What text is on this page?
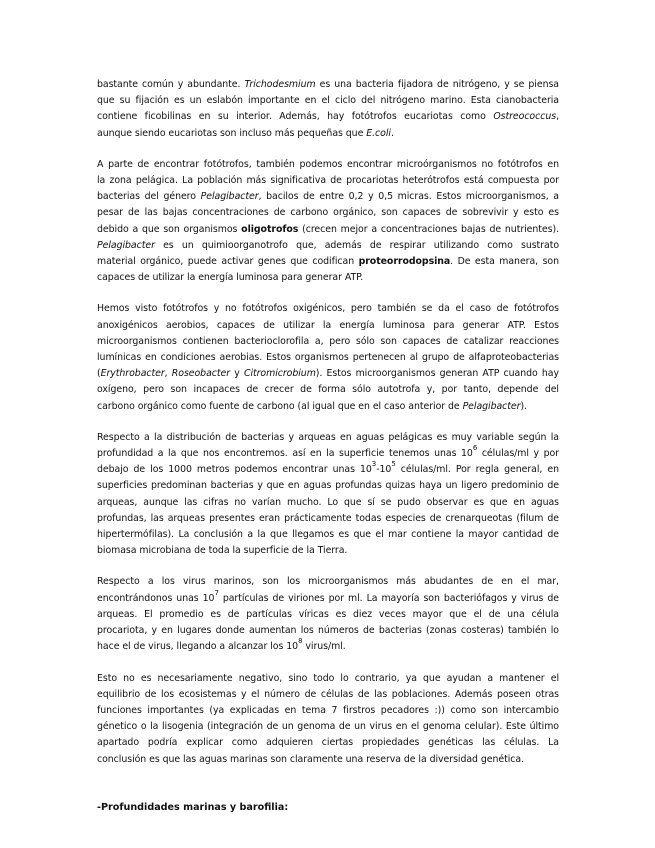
bastante común y abundante. Trichodesmium es una bacteria fijadora de nitrógeno, y se piensa
que su fijación es un eslabón importante en el ciclo del nitrógeno marino. Esta cianobacteria
contiene ficobilinas en su interior. Además, hay fotótrofos eucariotas como Ostreococcus,
aunque siendo eucariotas son incluso más pequeñas que E.coli.
A parte de encontrar fotótrofos, también podemos encontrar microórganismos no fotótrofos en
la zona pelágica. La población más significativa de procariotas heterótrofos está compuesta por
bacterias del género Pelagibacter, bacilos de entre 0,2 y 0,5 micras. Estos microorganismos, a
pesar de las bajas concentraciones de carbono orgánico, son capaces de sobrevivir y esto es
debido a que son organismos oligotrofos (crecen mejor a concentraciones bajas de nutrientes).
Pelagibacter es un quimioorganotrofo que, además de respirar utilizando como sustrato
material orgánico, puede activar genes que codifican proteorrodopsina. De esta manera, son
capaces de utilizar la energía luminosa para generar ATP.
Hemos visto fotótrofos y no fotótrofos oxigénicos, pero también se da el caso de fotótrofos
anoxigénicos aerobios, capaces de utilizar la energía luminosa para generar ATP. Estos
microorganismos contienen bacterioclorofila a, pero sólo son capaces de catalizar reacciones
lumínicas en condiciones aerobias. Estos organismos pertenecen al grupo de alfaproteobacterias
(Erythrobacter, Roseobacter y Citromicrobium). Estos microorganismos generan ATP cuando hay
oxígeno, pero son incapaces de crecer de forma sólo autotrofa y, por tanto, depende del
carbono orgánico como fuente de carbono (al igual que en el caso anterior de Pelagibacter).
Respecto a la distribución de bacterias y arqueas en aguas pelágicas es muy variable según la
profundidad a la que nos encontremos. así en la superficie tenemos unas $10^6$ células/ml y por
debajo de los 1000 metros podemos encontrar unas $10^3-10^5$ células/ml. Por regla general, en
superficies predominan bacterias y que en aguas profundas quizas haya un ligero predominio de
arqueas, aunque las cifras no varían mucho. Lo que sí se pudo observar es que en aguas
profundas, las arqueas presentes eran prácticamente todas especies de crenarqueotas (filum de
hipertermófilas). La conclusión a la que llegamos es que el mar contiene la mayor cantidad de
biomasa microbiana de toda la superficie de la Tierra.
Respecto a los virus marinos, son los microorganismos más abudantes de en el mar,
encontrándonos unas $10^7$ partículas de viriones por ml. La mayoría son bacteriófagos y virus de
arqueas. El promedio es de partículas víricas es diez veces mayor que el de una célula
procariota, y en lugares donde aumentan los números de bacterias (zonas costeras) también lo
hace el de virus, llegando a alcanzar los $10^8$ virus/ml.
Esto no es necesariamente negativo, sino todo lo contrario, ya que ayudan a mantener el
equilibrio de los ecosistemas y el número de células de las poblaciones. Además poseen otras
funciones importantes (ya explicadas en tema 7 firstros pecadores :)) como son intercambio
génetico o la lisogenia (integración de un genoma de un virus en el genoma celular). Este último
apartado podría explicar como adquieren ciertas propiedades genéticas las células. La
conclusión es que las aguas marinas son claramente una reserva de la diversidad genética.
-Profundidades marinas y barofilia:
